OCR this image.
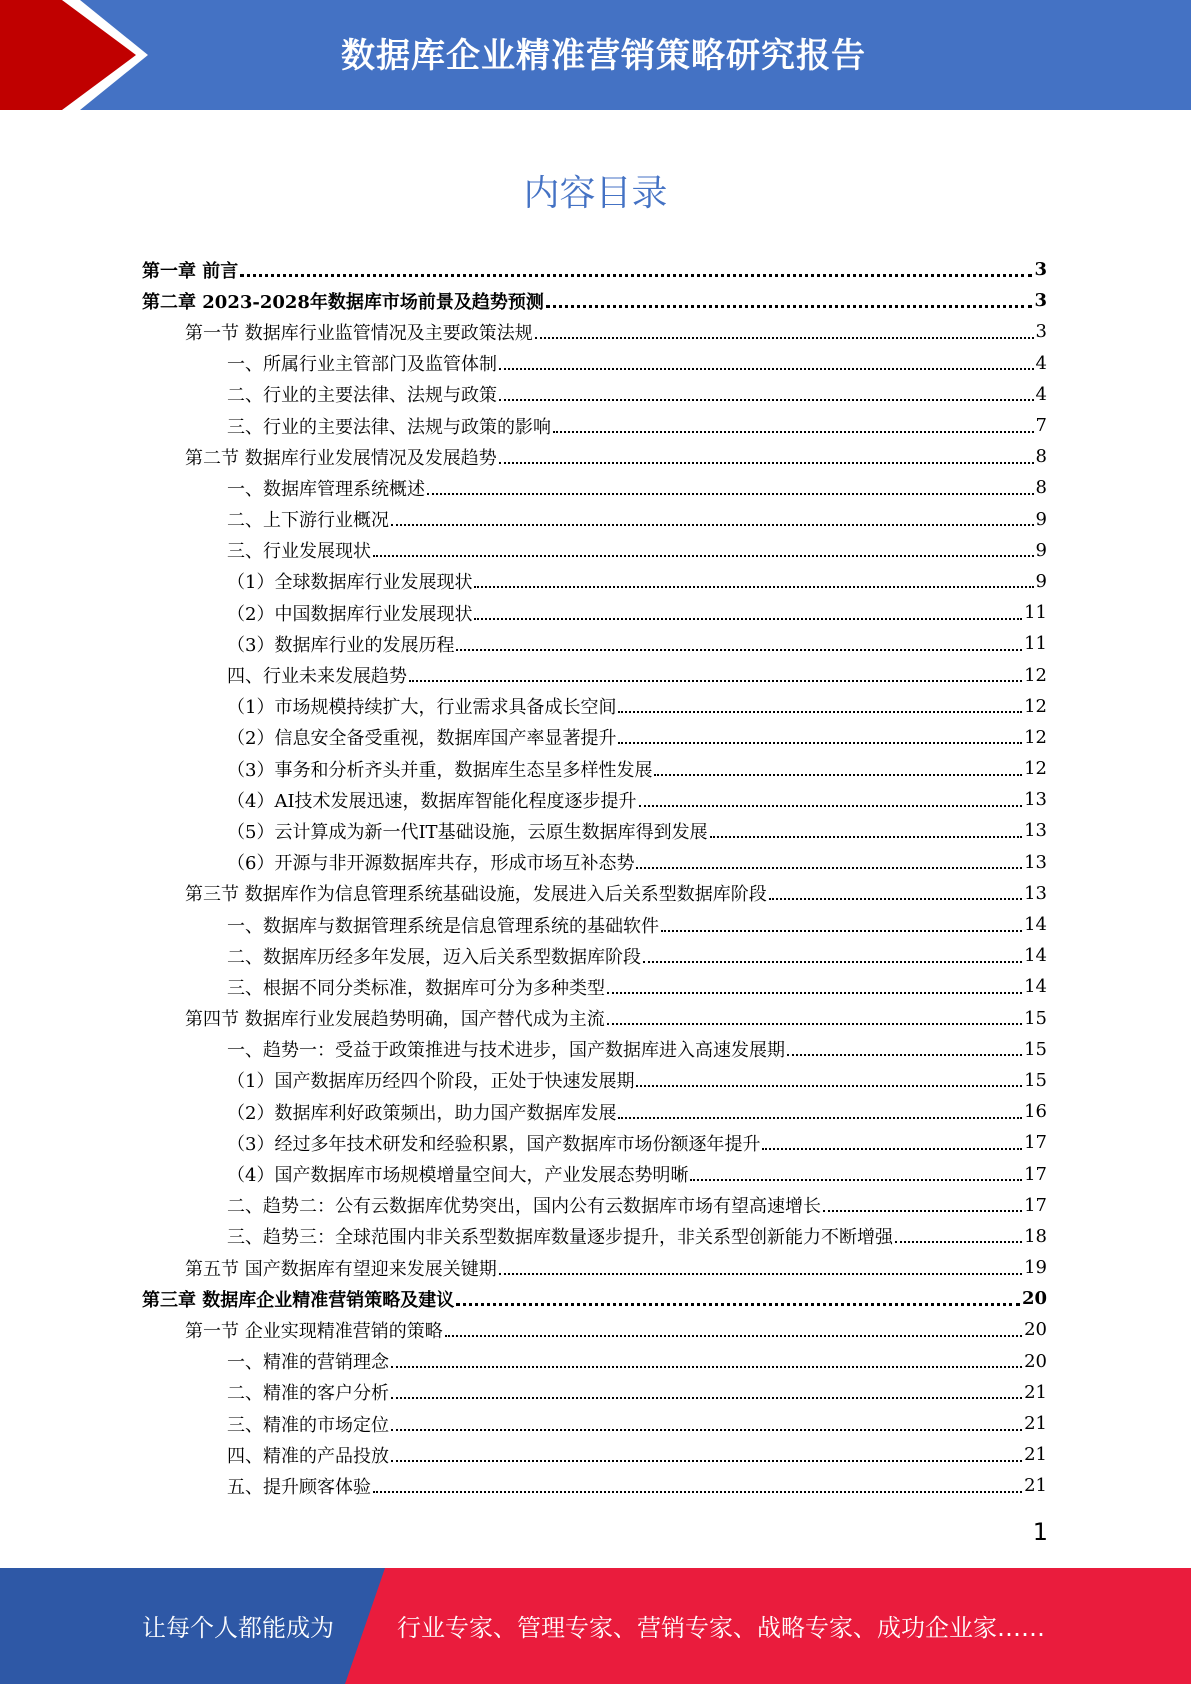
数据库企业精准营销策略研究报告
内容目录
第一章 前言	3
第二章 2023-2028年数据库市场前景及趋势预测	3
第一节 数据库行业监管情况及主要政策法规	3
一、所属行业主管部门及监管体制	4
二、行业的主要法律、法规与政策	4
三、行业的主要法律、法规与政策的影响	7
第二节 数据库行业发展情况及发展趋势	8
一、数据库管理系统概述	8
二、上下游行业概况	9
三、行业发展现状	9
（1）全球数据库行业发展现状	9
（2）中国数据库行业发展现状	11
（3）数据库行业的发展历程	11
四、行业未来发展趋势	12
（1）市场规模持续扩大，行业需求具备成长空间	12
（2）信息安全备受重视，数据库国产率显著提升	12
（3）事务和分析齐头并重，数据库生态呈多样性发展	12
（4）AI技术发展迅速，数据库智能化程度逐步提升	13
（5）云计算成为新一代IT基础设施，云原生数据库得到发展	13
（6）开源与非开源数据库共存，形成市场互补态势	13
第三节 数据库作为信息管理系统基础设施，发展进入后关系型数据库阶段	13
一、数据库与数据管理系统是信息管理系统的基础软件	14
二、数据库历经多年发展，迈入后关系型数据库阶段	14
三、根据不同分类标准，数据库可分为多种类型	14
第四节 数据库行业发展趋势明确，国产替代成为主流	15
一、趋势一：受益于政策推进与技术进步，国产数据库进入高速发展期	15
（1）国产数据库历经四个阶段，正处于快速发展期	15
（2）数据库利好政策频出，助力国产数据库发展	16
（3）经过多年技术研发和经验积累，国产数据库市场份额逐年提升	17
（4）国产数据库市场规模增量空间大，产业发展态势明晰	17
二、趋势二：公有云数据库优势突出，国内公有云数据库市场有望高速增长	17
三、趋势三：全球范围内非关系型数据库数量逐步提升，非关系型创新能力不断增强	18
第五节 国产数据库有望迎来发展关键期	19
第三章 数据库企业精准营销策略及建议	20
第一节 企业实现精准营销的策略	20
一、精准的营销理念	20
二、精准的客户分析	21
三、精准的市场定位	21
四、精准的产品投放	21
五、提升顾客体验	21
1
让每个人都能成为	行业专家、管理专家、营销专家、战略专家、成功企业家……
